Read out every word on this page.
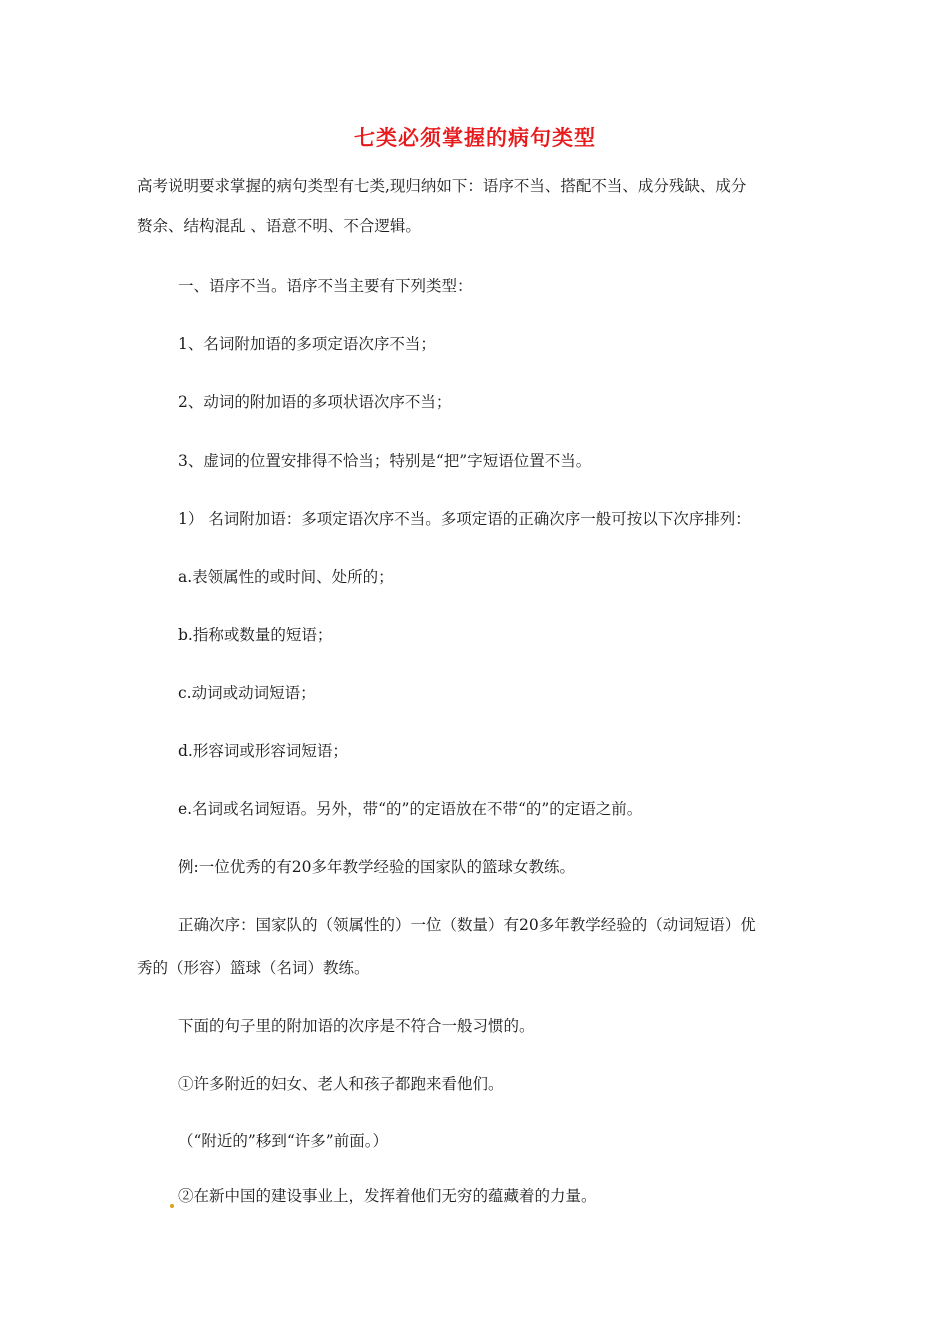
七类必须掌握的病句类型
高考说明要求掌握的病句类型有七类,现归纳如下：语序不当、搭配不当、成分残缺、成分
赘余、结构混乱 、语意不明、不合逻辑。
一、语序不当。语序不当主要有下列类型：
1、名词附加语的多项定语次序不当；
2、动词的附加语的多项状语次序不当；
3、虚词的位置安排得不恰当；特别是“把”字短语位置不当。
1） 名词附加语：多项定语次序不当。多项定语的正确次序一般可按以下次序排列：
a.表领属性的或时间、处所的；
b.指称或数量的短语；
c.动词或动词短语；
d.形容词或形容词短语；
e.名词或名词短语。另外，带“的”的定语放在不带“的”的定语之前。
例:一位优秀的有20多年教学经验的国家队的篮球女教练。
正确次序：国家队的（领属性的）一位（数量）有20多年教学经验的（动词短语）优
秀的（形容）篮球（名词）教练。
下面的句子里的附加语的次序是不符合一般习惯的。
①许多附近的妇女、老人和孩子都跑来看他们。
（“附近的”移到“许多”前面。）
②在新中国的建设事业上，发挥着他们无穷的蕴藏着的力量。
